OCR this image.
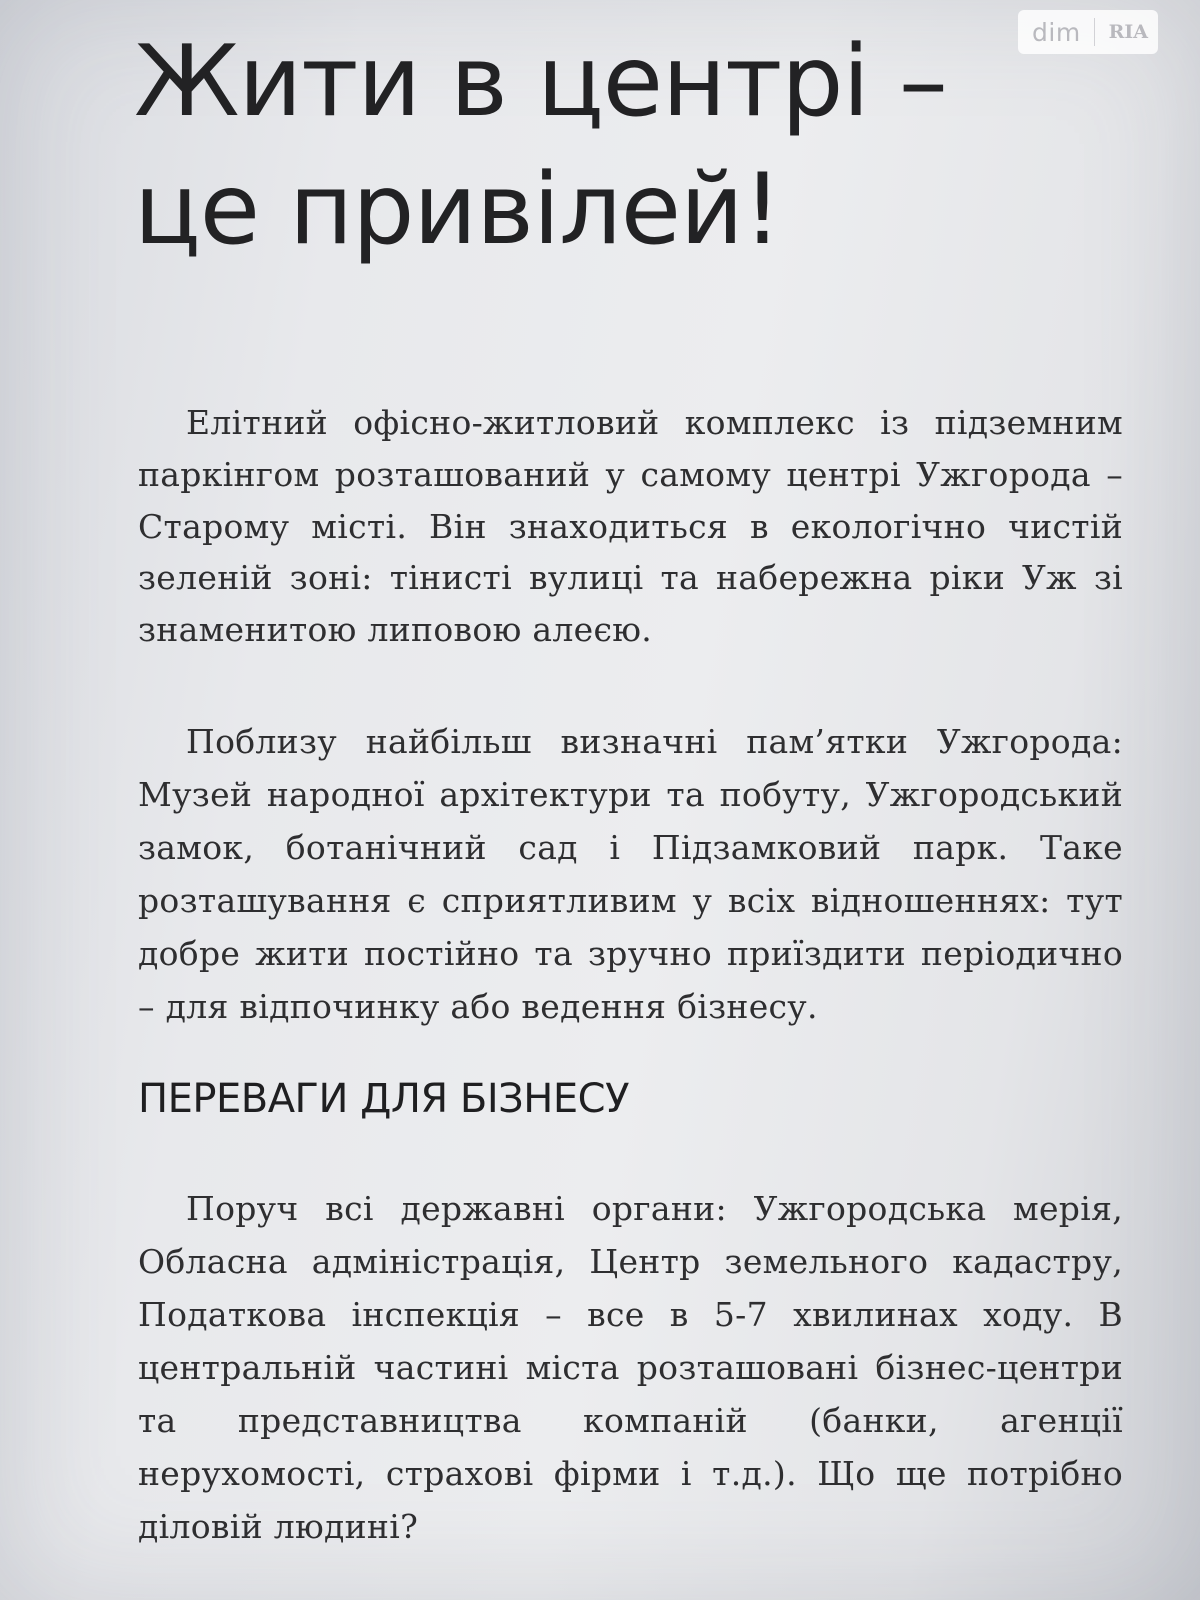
dim RIA
Жити в центрі –
це привілей!

Елітний офісно-житловий комплекс із підземним паркінгом розташований у самому центрі Ужгорода – Старому місті. Він знаходиться в екологічно чистій зеленій зоні: тінисті вулиці та набережна ріки Уж зі знаменитою липовою алеєю.

Поблизу найбільш визначні пам’ятки Ужгорода: Музей народної архітектури та побуту, Ужгородський замок, ботанічний сад і Підзамковий парк. Таке розташування є сприятливим у всіх відношеннях: тут добре жити постійно та зручно приїздити періодично – для відпочинку або ведення бізнесу.

ПЕРЕВАГИ ДЛЯ БІЗНЕСУ

Поруч всі державні органи: Ужгородська мерія, Обласна адміністрація, Центр земельного кадастру, Податкова інспекція – все в 5-7 хвилинах ходу. В центральній частині міста розташовані бізнес-центри та представництва компаній (банки, агенції нерухомості, страхові фірми і т.д.). Що ще потрібно діловій людині?
